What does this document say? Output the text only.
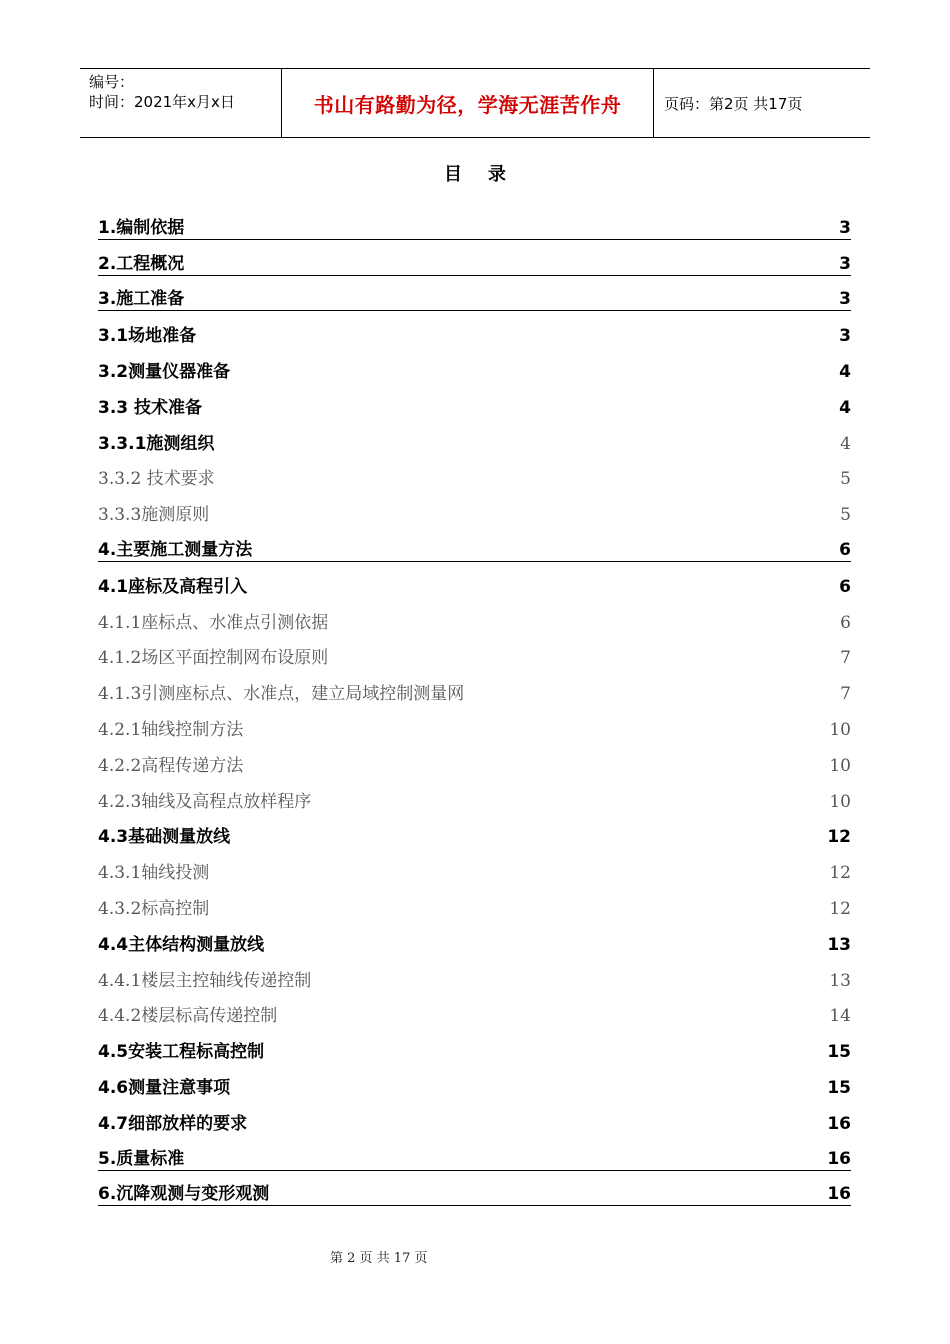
编号：
时间：2021年x月x日	书山有路勤为径，学海无涯苦作舟	页码：第2页 共17页
目录
1.编制依据	3
2.工程概况	3
3.施工准备	3
3.1场地准备	3
3.2测量仪器准备	4
3.3 技术准备	4
3.3.1施测组织	4
3.3.2 技术要求	5
3.3.3施测原则	5
4.主要施工测量方法	6
4.1座标及高程引入	6
4.1.1座标点、水准点引测依据	6
4.1.2场区平面控制网布设原则	7
4.1.3引测座标点、水准点，建立局域控制测量网	7
4.2.1轴线控制方法	10
4.2.2高程传递方法	10
4.2.3轴线及高程点放样程序	10
4.3基础测量放线	12
4.3.1轴线投测	12
4.3.2标高控制	12
4.4主体结构测量放线	13
4.4.1楼层主控轴线传递控制	13
4.4.2楼层标高传递控制	14
4.5安装工程标高控制	15
4.6测量注意事项	15
4.7细部放样的要求	16
5.质量标准	16
6.沉降观测与变形观测	16
第 2 页 共 17 页
